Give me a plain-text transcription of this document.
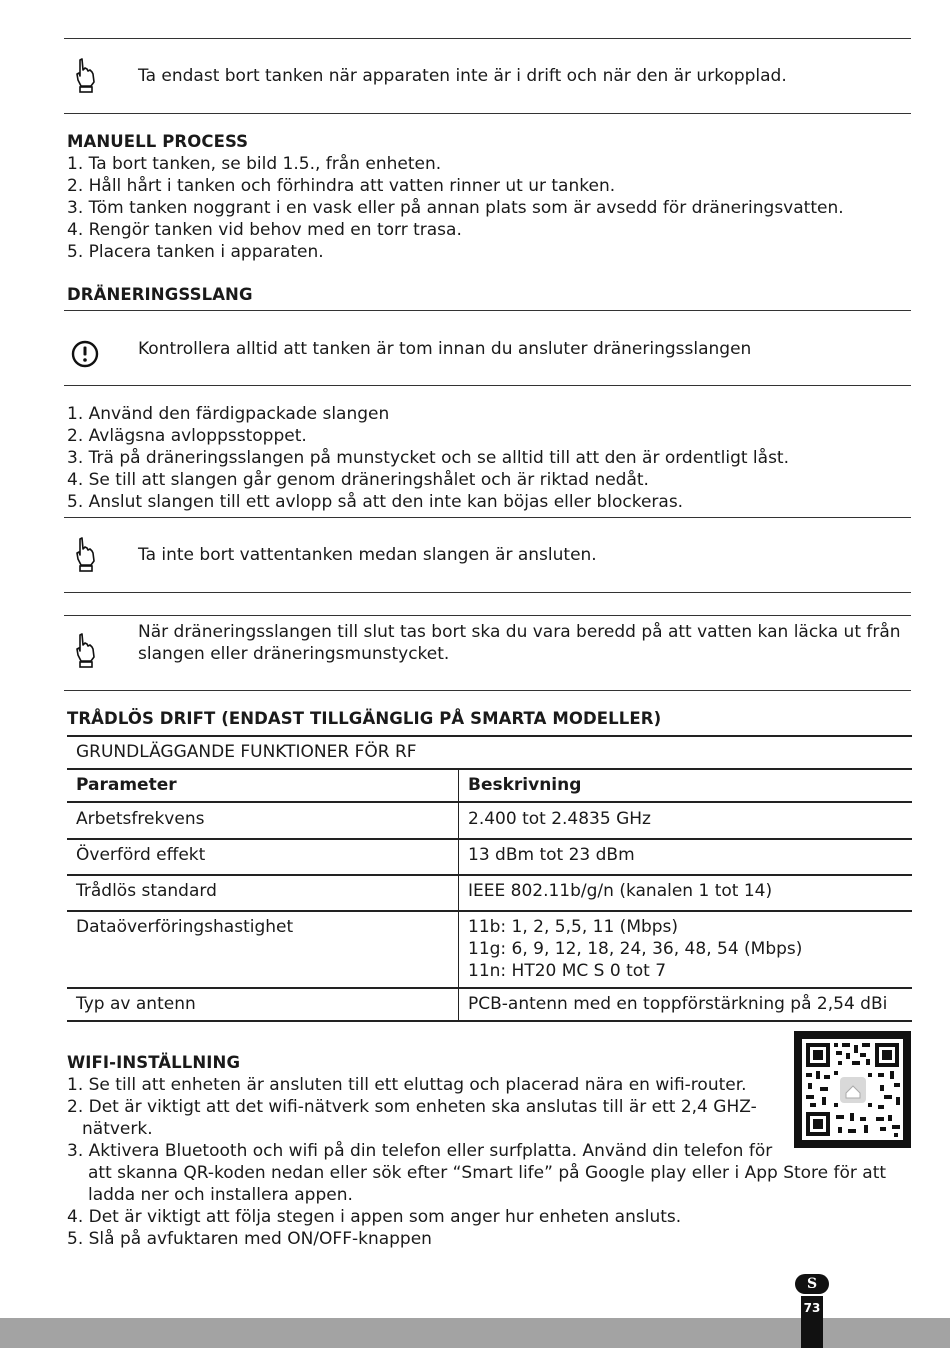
Ta endast bort tanken när apparaten inte är i drift och när den är urkopplad.
MANUELL PROCESS
1. Ta bort tanken, se bild 1.5., från enheten.
2. Håll hårt i tanken och förhindra att vatten rinner ut ur tanken.
3. Töm tanken noggrant i en vask eller på annan plats som är avsedd för dräneringsvatten.
4. Rengör tanken vid behov med en torr trasa.
5. Placera tanken i apparaten.
DRÄNERINGSSLANG
Kontrollera alltid att tanken är tom innan du ansluter dräneringsslangen
1. Använd den färdigpackade slangen
2. Avlägsna avloppsstoppet.
3. Trä på dräneringsslangen på munstycket och se alltid till att den är ordentligt låst.
4. Se till att slangen går genom dräneringshålet och är riktad nedåt.
5. Anslut slangen till ett avlopp så att den inte kan böjas eller blockeras.
Ta inte bort vattentanken medan slangen är ansluten.
När dräneringsslangen till slut tas bort ska du vara beredd på att vatten kan läcka ut från slangen eller dräneringsmunstycket.
TRÅDLÖS DRIFT (ENDAST TILLGÄNGLIG PÅ SMARTA MODELLER)
GRUNDLÄGGANDE FUNKTIONER FÖR RF	
Parameter	Beskrivning
Arbetsfrekvens	2.400 tot 2.4835 GHz
Överförd effekt	13 dBm tot 23 dBm
Trådlös standard	IEEE 802.11b/g/n (kanalen 1 tot 14)
Dataöverföringshastighet	11b: 1, 2, 5,5, 11 (Mbps)
11g: 6, 9, 12, 18, 24, 36, 48, 54 (Mbps)
11n: HT20 MC S 0 tot 7

Typ av antenn	PCB-antenn med en toppförstärkning på 2,54 dBi
WIFI-INSTÄLLNING
1. Se till att enheten är ansluten till ett eluttag och placerad nära en wifi-router.
2. Det är viktigt att det wifi-nätverk som enheten ska anslutas till är ett 2,4 GHZ-
nätverk.
3. Aktivera Bluetooth och wifi på din telefon eller surfplatta. Använd din telefon för
att skanna QR-koden nedan eller sök efter “Smart life” på Google play eller i App Store för att
ladda ner och installera appen.
4. Det är viktigt att följa stegen i appen som anger hur enheten ansluts.
5. Slå på avfuktaren med ON/OFF-knappen
S
73
